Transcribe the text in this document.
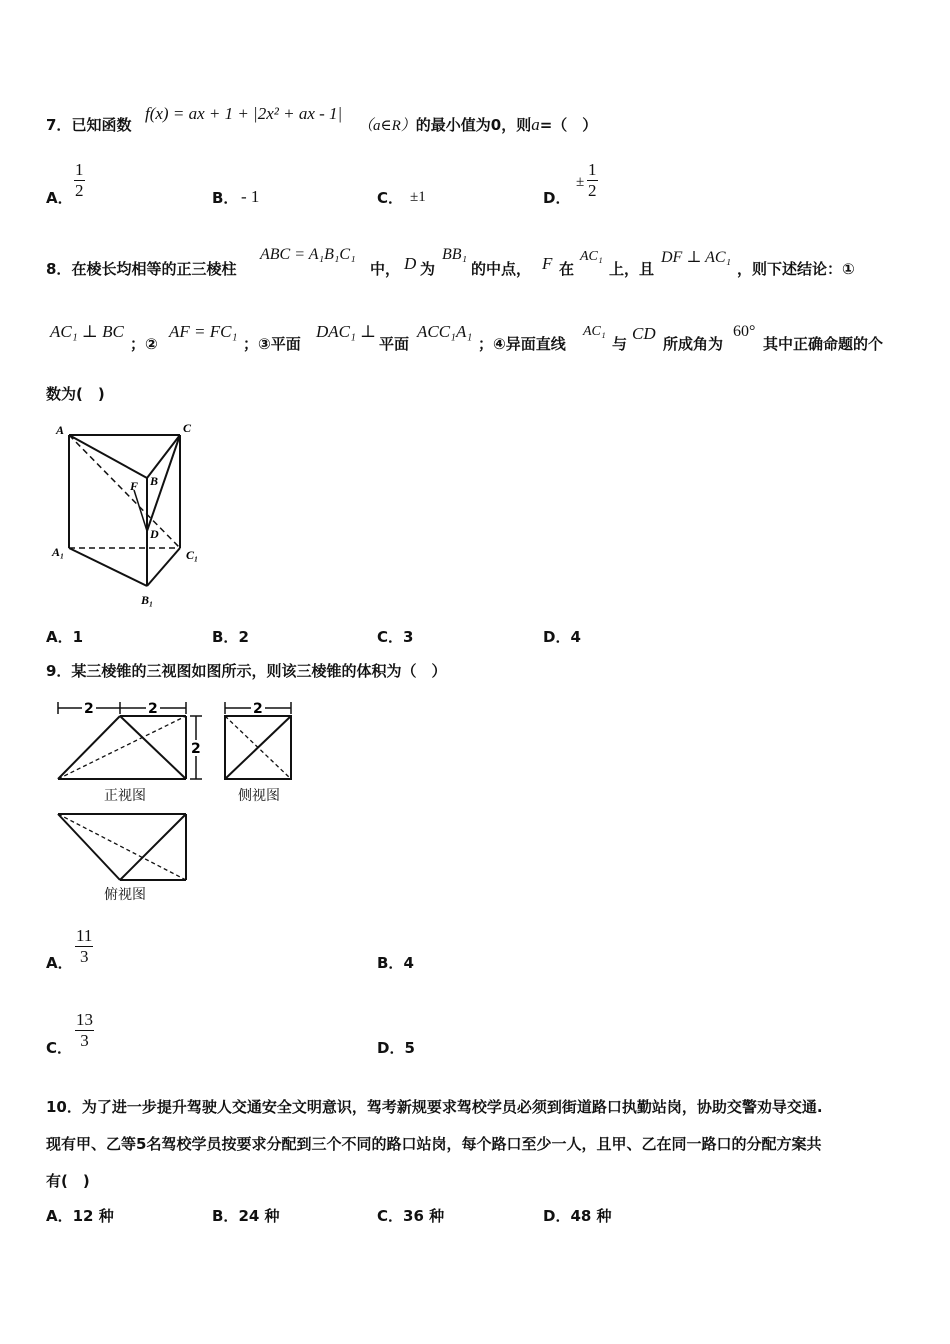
7．已知函数
f(x) = ax + 1 + |2x² + ax - 1|
（a∈R）的最小值为0，则a=（　）
A． $\frac{1}{2}$	B． - 1	C． ±1	D．
± $\frac{1}{2}$
8．在棱长均相等的正三棱柱
ABC = A₁B₁C₁
中， D 为
BB₁
的中点， F 在
AC₁
上，且
DF ⊥ AC₁
，则下述结论：①
AC₁ ⊥ BC
；②
AF = FC₁
；③平面
DAC₁ ⊥
平面
ACC₁A₁
；④异面直线
AC₁
与
CD
所成角为
60°
其中正确命题的个
数为(　)
A	C
B
F
D
A₁	C₁
B₁
A．1	B．2	C．3	D．4
9．某三棱锥的三视图如图所示，则该三棱锥的体积为（　）
2	2
2
正视图
2
侧视图
俯视图
A． $\frac{11}{3}$	B．4
C． $\frac{13}{3}$	D．5
10．为了进一步提升驾驶人交通安全文明意识，驾考新规要求驾校学员必须到街道路口执勤站岗，协助交警劝导交通.
现有甲、乙等5名驾校学员按要求分配到三个不同的路口站岗，每个路口至少一人，且甲、乙在同一路口的分配方案共
有(　)
A．12 种	B．24 种	C．36 种	D．48 种
